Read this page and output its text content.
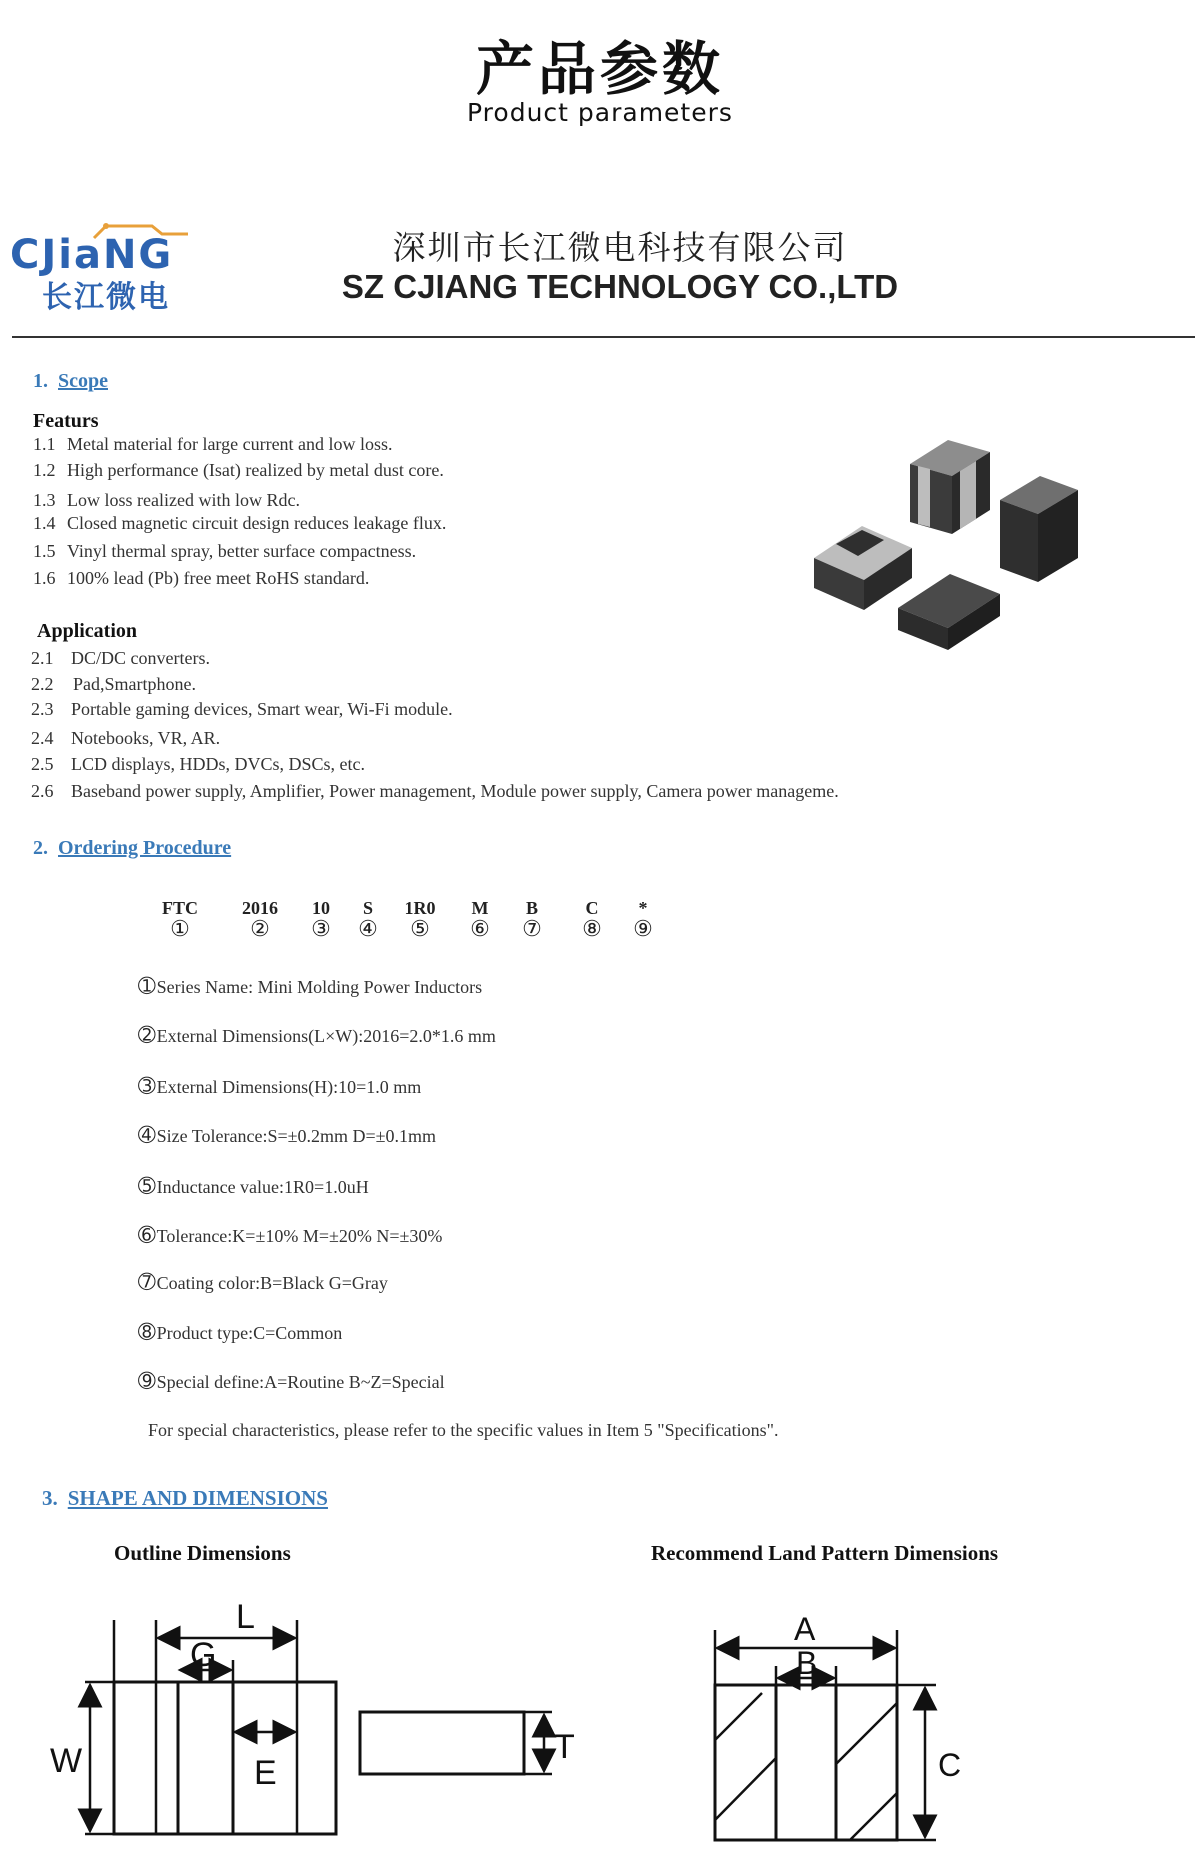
产品参数
Product parameters
CJiaNG
长江微电
深圳市长江微电科技有限公司
SZ CJIANG TECHNOLOGY CO.,LTD
1. Scope
Featurs
1.1 Metal material for large current and low loss.
1.2 High performance (Isat) realized by metal dust core.
1.3 Low loss realized with low Rdc.
1.4 Closed magnetic circuit design reduces leakage flux.
1.5 Vinyl thermal spray, better surface compactness.
1.6 100% lead (Pb) free meet RoHS standard.
Application
2.1 DC/DC converters.
2.2 Pad,Smartphone.
2.3 Portable gaming devices, Smart wear, Wi-Fi module.
2.4 Notebooks, VR, AR.
2.5 LCD displays, HDDs, DVCs, DSCs, etc.
2.6 Baseband power supply, Amplifier, Power management, Module power supply, Camera power manageme.
2. Ordering Procedure
FTC
①
2016
②
10
③
S
④
1R0
⑤
M
⑥
B
⑦
C
⑧
*
⑨
➀Series Name: Mini Molding Power Inductors
➁External Dimensions(L×W):2016=2.0*1.6 mm
➂External Dimensions(H):10=1.0 mm
➃Size Tolerance:S=±0.2mm D=±0.1mm
➄Inductance value:1R0=1.0uH
➅Tolerance:K=±10% M=±20% N=±30%
➆Coating color:B=Black G=Gray
➇Product type:C=Common
➈Special define:A=Routine B~Z=Special
For special characteristics, please refer to the specific values in Item 5 "Specifications".
3. SHAPE AND DIMENSIONS
Outline Dimensions	Recommend Land Pattern Dimensions
L
G
W	E
T
A
B
C
